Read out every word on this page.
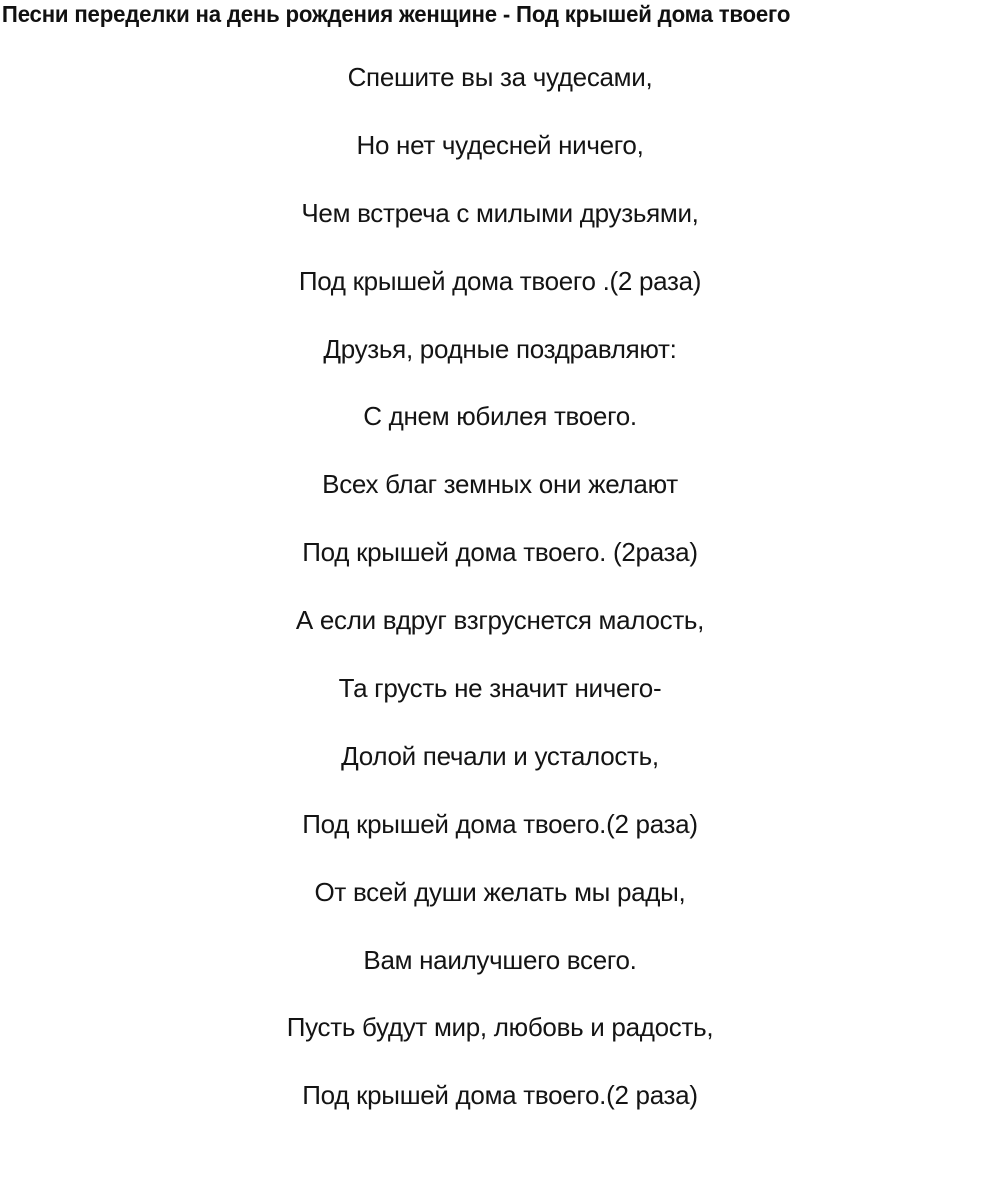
Песни переделки на день рождения женщине - Под крышей дома твоего
Спешите вы за чудесами,
Но нет чудесней ничего,
Чем встреча с милыми друзьями,
Под крышей дома твоего .(2 раза)
Друзья, родные поздравляют:
С днем юбилея твоего.
Всех благ земных они желают
Под крышей дома твоего. (2раза)
А если вдруг взгруснется малость,
Та грусть не значит ничего-
Долой печали и усталость,
Под крышей дома твоего.(2 раза)
От всей души желать мы рады,
Вам наилучшего всего.
Пусть будут мир, любовь и радость,
Под крышей дома твоего.(2 раза)
